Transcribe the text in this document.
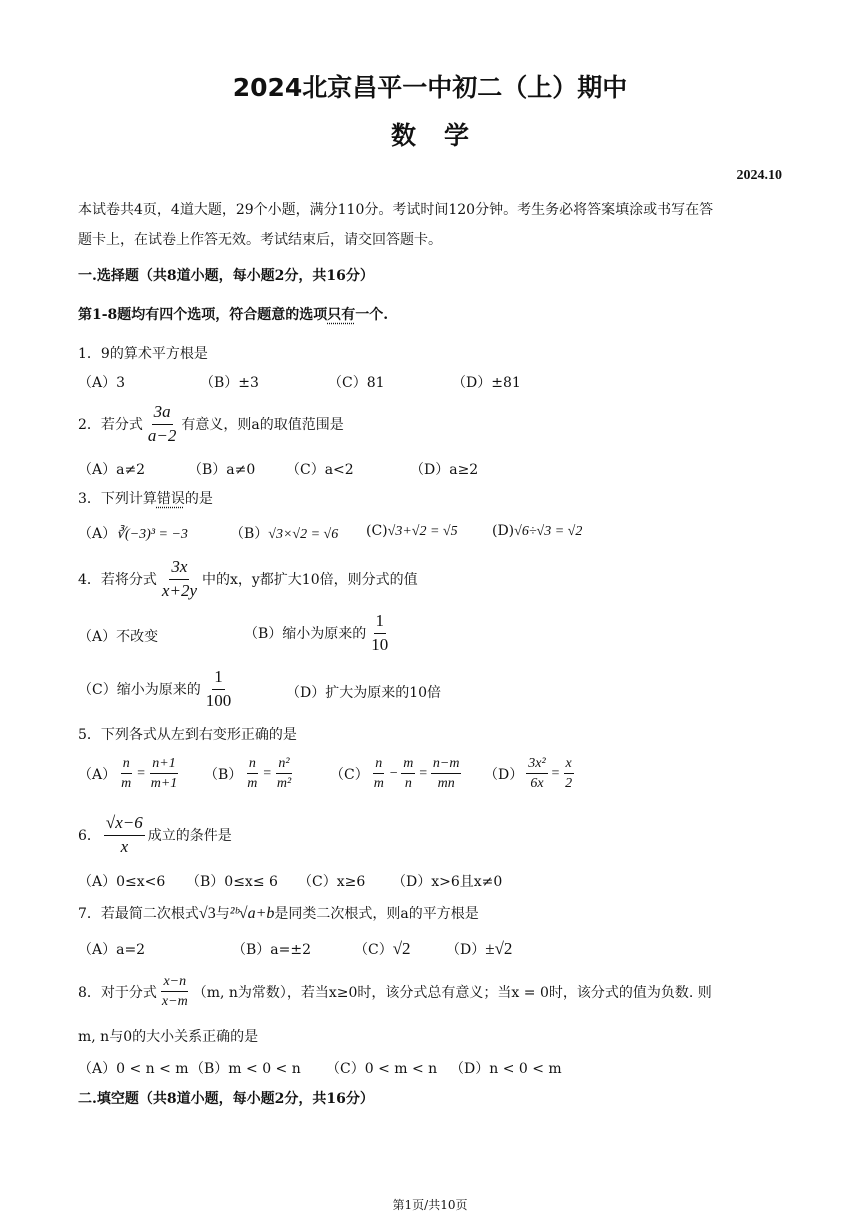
2024北京昌平一中初二（上）期中
数学
2024.10
本试卷共4页，4道大题，29个小题，满分110分。考试时间120分钟。考生务必将答案填涂或书写在答
题卡上，在试卷上作答无效。考试结束后，请交回答题卡。
一.选择题（共8道小题，每小题2分，共16分）
第1-8题均有四个选项，符合题意的选项只有一个.
1．9的算术平方根是
（A）3	（B）±3	（C）81	（D）±81
2．若分式 $\frac{3a}{a-2}$ 有意义，则a的取值范围是
（A）a≠2	（B）a≠0 （C）a<2	（D）a≥2
3．下列计算错误的是
（A）∛(−3)³ = −3	（B）√3×√2 = √6 (C)√3+√2 = √5 (D)√6÷√3 = √2
4．若将分式 $\frac{3x}{x+2y}$ 中的x，y都扩大10倍，则分式的值
（A）不改变	（B）缩小为原来的 $\frac{1}{10}$
（C）缩小为原来的 $\frac{1}{100}$	（D）扩大为原来的10倍
5．下列各式从左到右变形正确的是
$(A) \frac{n}{m} = \frac{n+1}{m+1} (B) \frac{n}{m} = \frac{\text{n²}}{\text{m²}}$	$(C) \frac{n}{m} - \frac{m}{n} = \frac{n-m}{mn} (D) \frac{\text{3x²}}{6x} = \frac{x}{2}$
6． $\frac{√x-6}{x}$ 成立的条件是
（A）0≤x<6 （B）0≤x≤ 6 （C）x≥6 （D）x>6且x≠0
7．若最简二次根式√3与²ᵇ√a+b是同类二次根式，则a的平方根是
（A）a=2	（B）a=±2	（C）√2	（D）±√2
8．对于分式 $\frac{x-n}{x-m} (m$, n为常数），若当x≥0时，该分式总有意义；当x = 0时，该分式的值为负数. 则
m, n与0的大小关系正确的是
（A）0 < n < m （B）m < 0 < n （C）0 < m < n （D）n < 0 < m
二.填空题（共8道小题，每小题2分，共16分）
第1页/共10页
